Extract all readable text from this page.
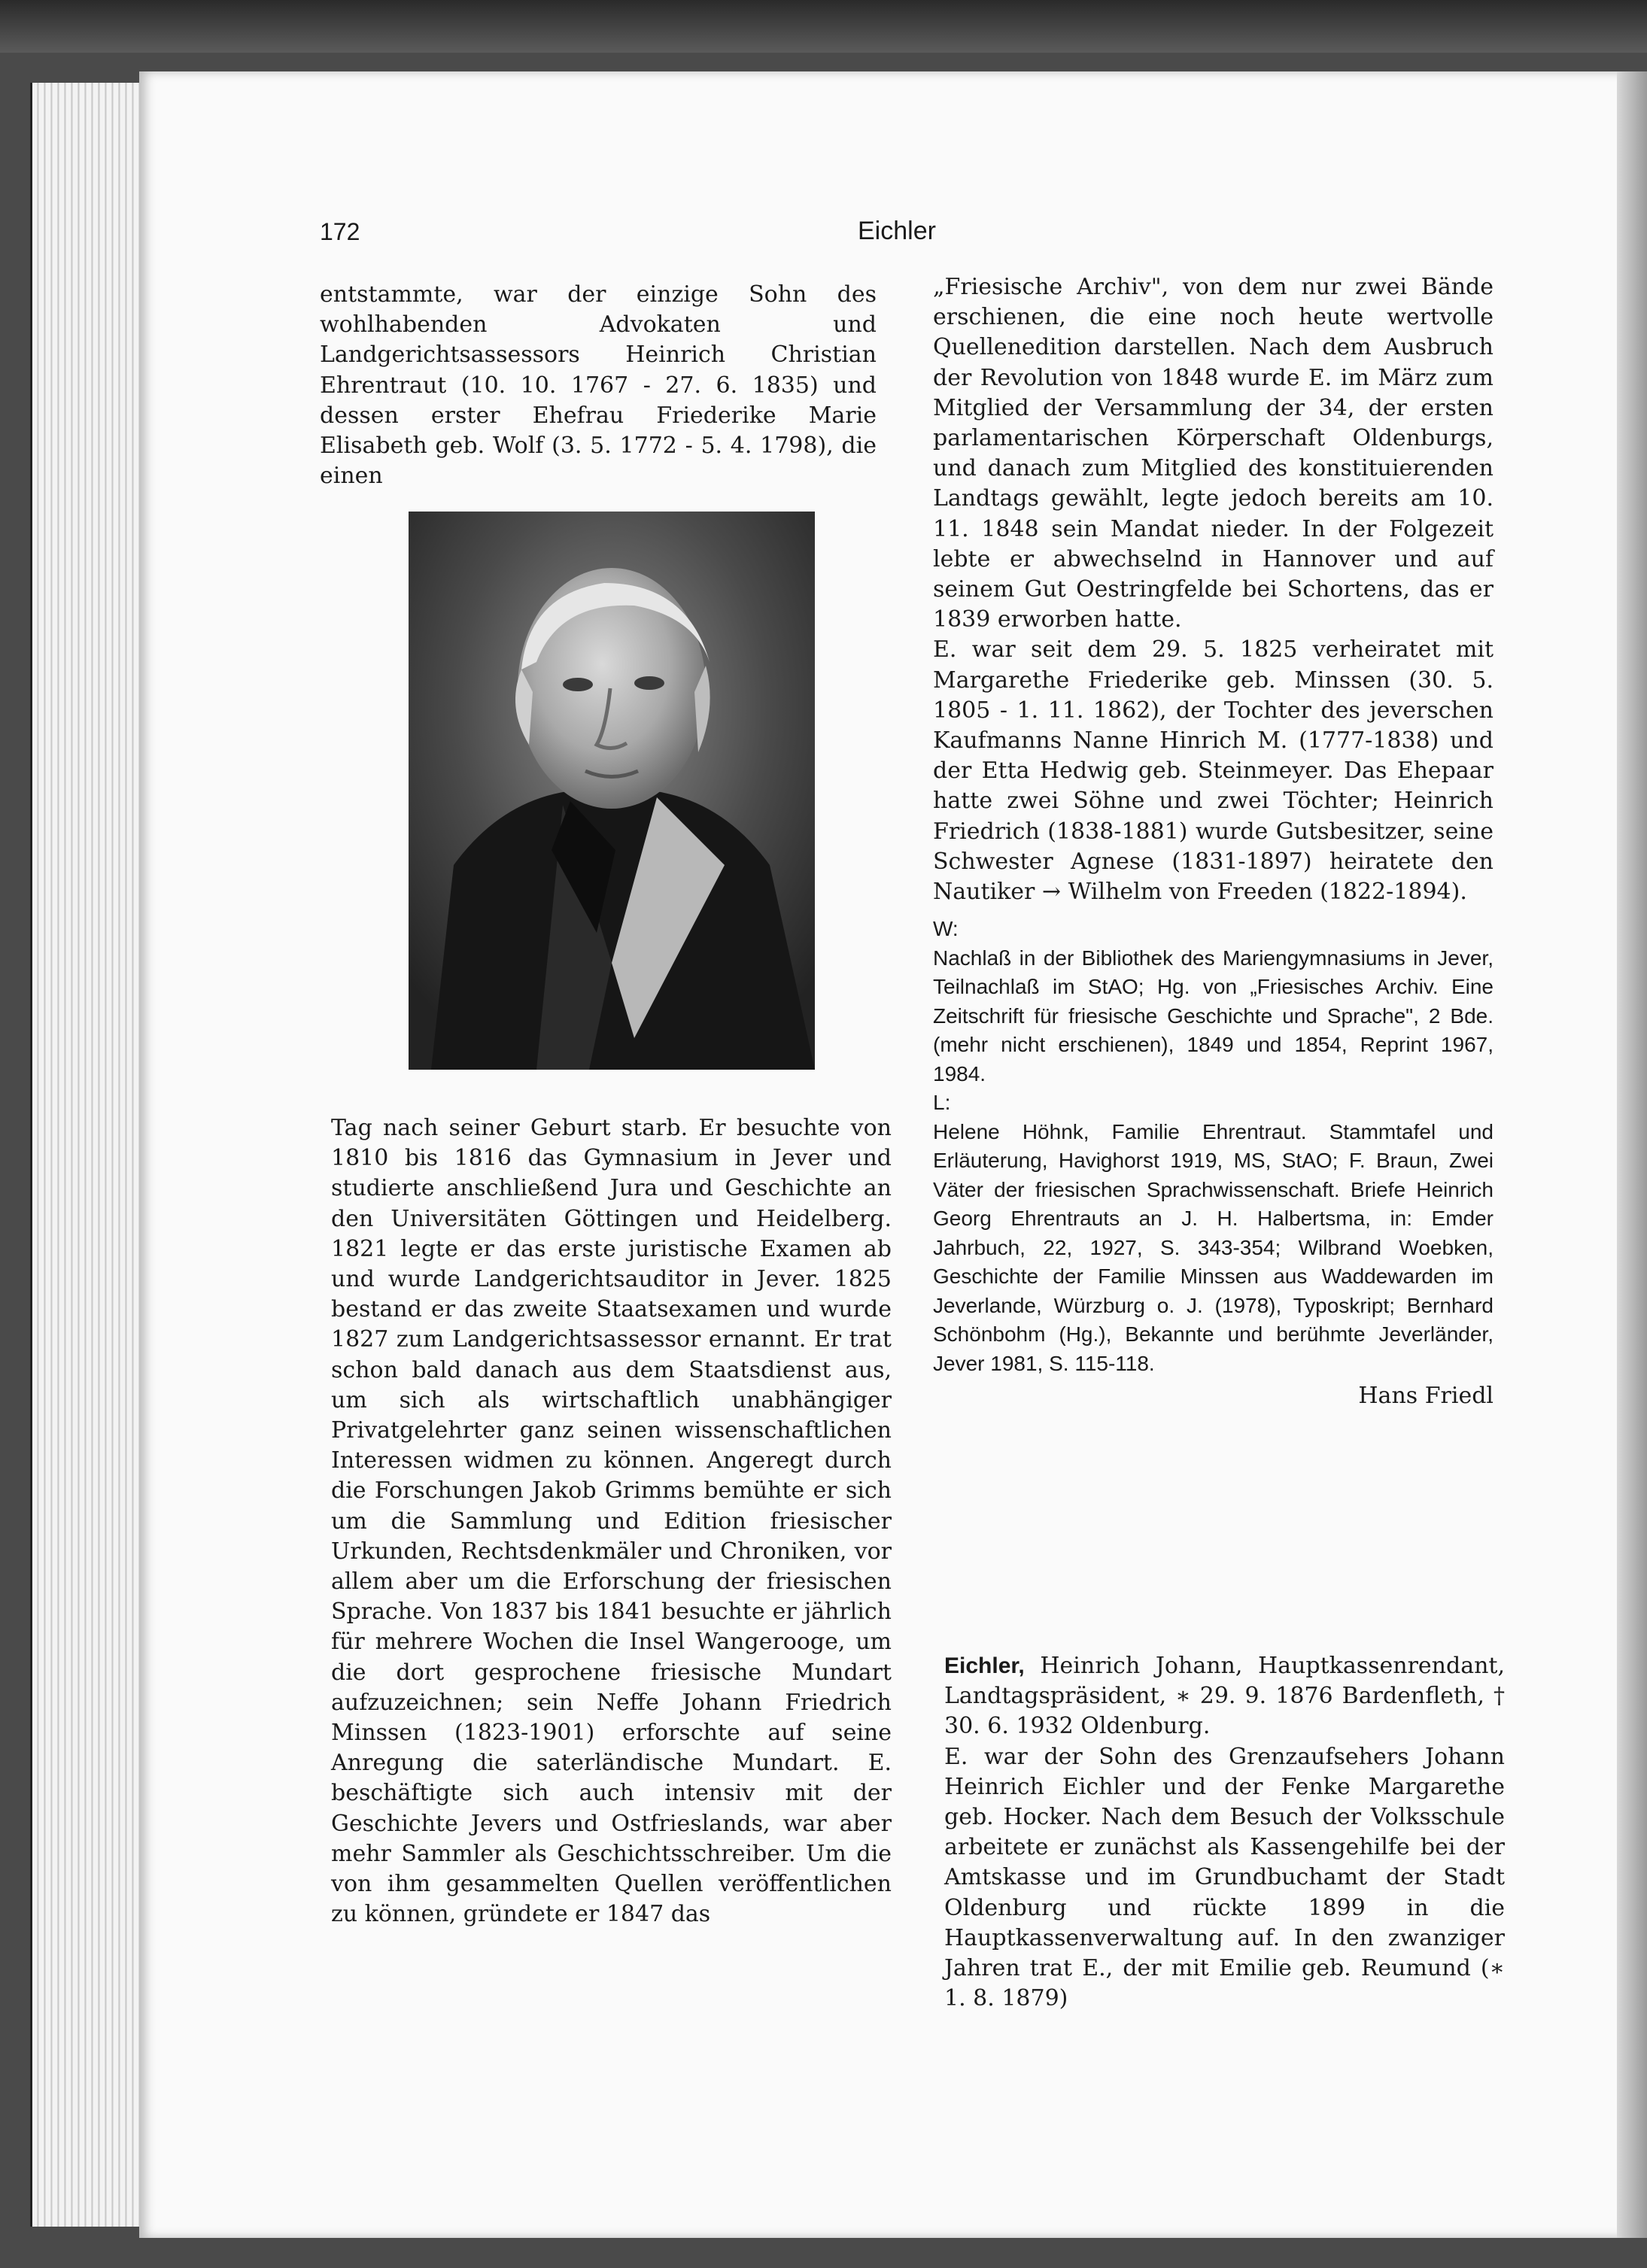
172	Eichler

entstammte, war der einzige Sohn des wohlhabenden Advokaten und Landgerichtsassessors Heinrich Christian Ehrentraut (10. 10. 1767 - 27. 6. 1835) und dessen erster Ehefrau Friederike Marie Elisabeth geb. Wolf (3. 5. 1772 - 5. 4. 1798), die einen

Tag nach seiner Geburt starb. Er besuchte von 1810 bis 1816 das Gymnasium in Jever und studierte anschließend Jura und Geschichte an den Universitäten Göttingen und Heidelberg. 1821 legte er das erste juristische Examen ab und wurde Landgerichtsauditor in Jever. 1825 bestand er das zweite Staatsexamen und wurde 1827 zum Landgerichtsassessor ernannt. Er trat schon bald danach aus dem Staatsdienst aus, um sich als wirtschaftlich unabhängiger Privatgelehrter ganz seinen wissenschaftlichen Interessen widmen zu können. Angeregt durch die Forschungen Jakob Grimms bemühte er sich um die Sammlung und Edition friesischer Urkunden, Rechtsdenkmäler und Chroniken, vor allem aber um die Erforschung der friesischen Sprache. Von 1837 bis 1841 besuchte er jährlich für mehrere Wochen die Insel Wangerooge, um die dort gesprochene friesische Mundart aufzuzeichnen; sein Neffe Johann Friedrich Minssen (1823-1901) erforschte auf seine Anregung die saterländische Mundart. E. beschäftigte sich auch intensiv mit der Geschichte Jevers und Ostfrieslands, war aber mehr Sammler als Geschichtsschreiber. Um die von ihm gesammelten Quellen veröffentlichen zu können, gründete er 1847 das

„Friesische Archiv", von dem nur zwei Bände erschienen, die eine noch heute wertvolle Quellenedition darstellen. Nach dem Ausbruch der Revolution von 1848 wurde E. im März zum Mitglied der Versammlung der 34, der ersten parlamentarischen Körperschaft Oldenburgs, und danach zum Mitglied des konstituierenden Landtags gewählt, legte jedoch bereits am 10. 11. 1848 sein Mandat nieder. In der Folgezeit lebte er abwechselnd in Hannover und auf seinem Gut Oestringfelde bei Schortens, das er 1839 erworben hatte.

E. war seit dem 29. 5. 1825 verheiratet mit Margarethe Friederike geb. Minssen (30. 5. 1805 - 1. 11. 1862), der Tochter des jeverschen Kaufmanns Nanne Hinrich M. (1777-1838) und der Etta Hedwig geb. Steinmeyer. Das Ehepaar hatte zwei Söhne und zwei Töchter; Heinrich Friedrich (1838-1881) wurde Gutsbesitzer, seine Schwester Agnese (1831-1897) heiratete den Nautiker → Wilhelm von Freeden (1822-1894).

W:
Nachlaß in der Bibliothek des Mariengymnasiums in Jever, Teilnachlaß im StAO; Hg. von „Friesisches Archiv. Eine Zeitschrift für friesische Geschichte und Sprache", 2 Bde. (mehr nicht erschienen), 1849 und 1854, Reprint 1967, 1984.
L:
Helene Höhnk, Familie Ehrentraut. Stammtafel und Erläuterung, Havighorst 1919, MS, StAO; F. Braun, Zwei Väter der friesischen Sprachwissenschaft. Briefe Heinrich Georg Ehrentrauts an J. H. Halbertsma, in: Emder Jahrbuch, 22, 1927, S. 343-354; Wilbrand Woebken, Geschichte der Familie Minssen aus Waddewarden im Jeverlande, Würzburg o. J. (1978), Typoskript; Bernhard Schönbohm (Hg.), Bekannte und berühmte Jeverländer, Jever 1981, S. 115-118.
Hans Friedl

Eichler, Heinrich Johann, Hauptkassenrendant, Landtagspräsident, ∗ 29. 9. 1876 Bardenfleth, † 30. 6. 1932 Oldenburg.

E. war der Sohn des Grenzaufsehers Johann Heinrich Eichler und der Fenke Margarethe geb. Hocker. Nach dem Besuch der Volksschule arbeitete er zunächst als Kassengehilfe bei der Amtskasse und im Grundbuchamt der Stadt Oldenburg und rückte 1899 in die Hauptkassenverwaltung auf. In den zwanziger Jahren trat E., der mit Emilie geb. Reumund (∗ 1. 8. 1879)
